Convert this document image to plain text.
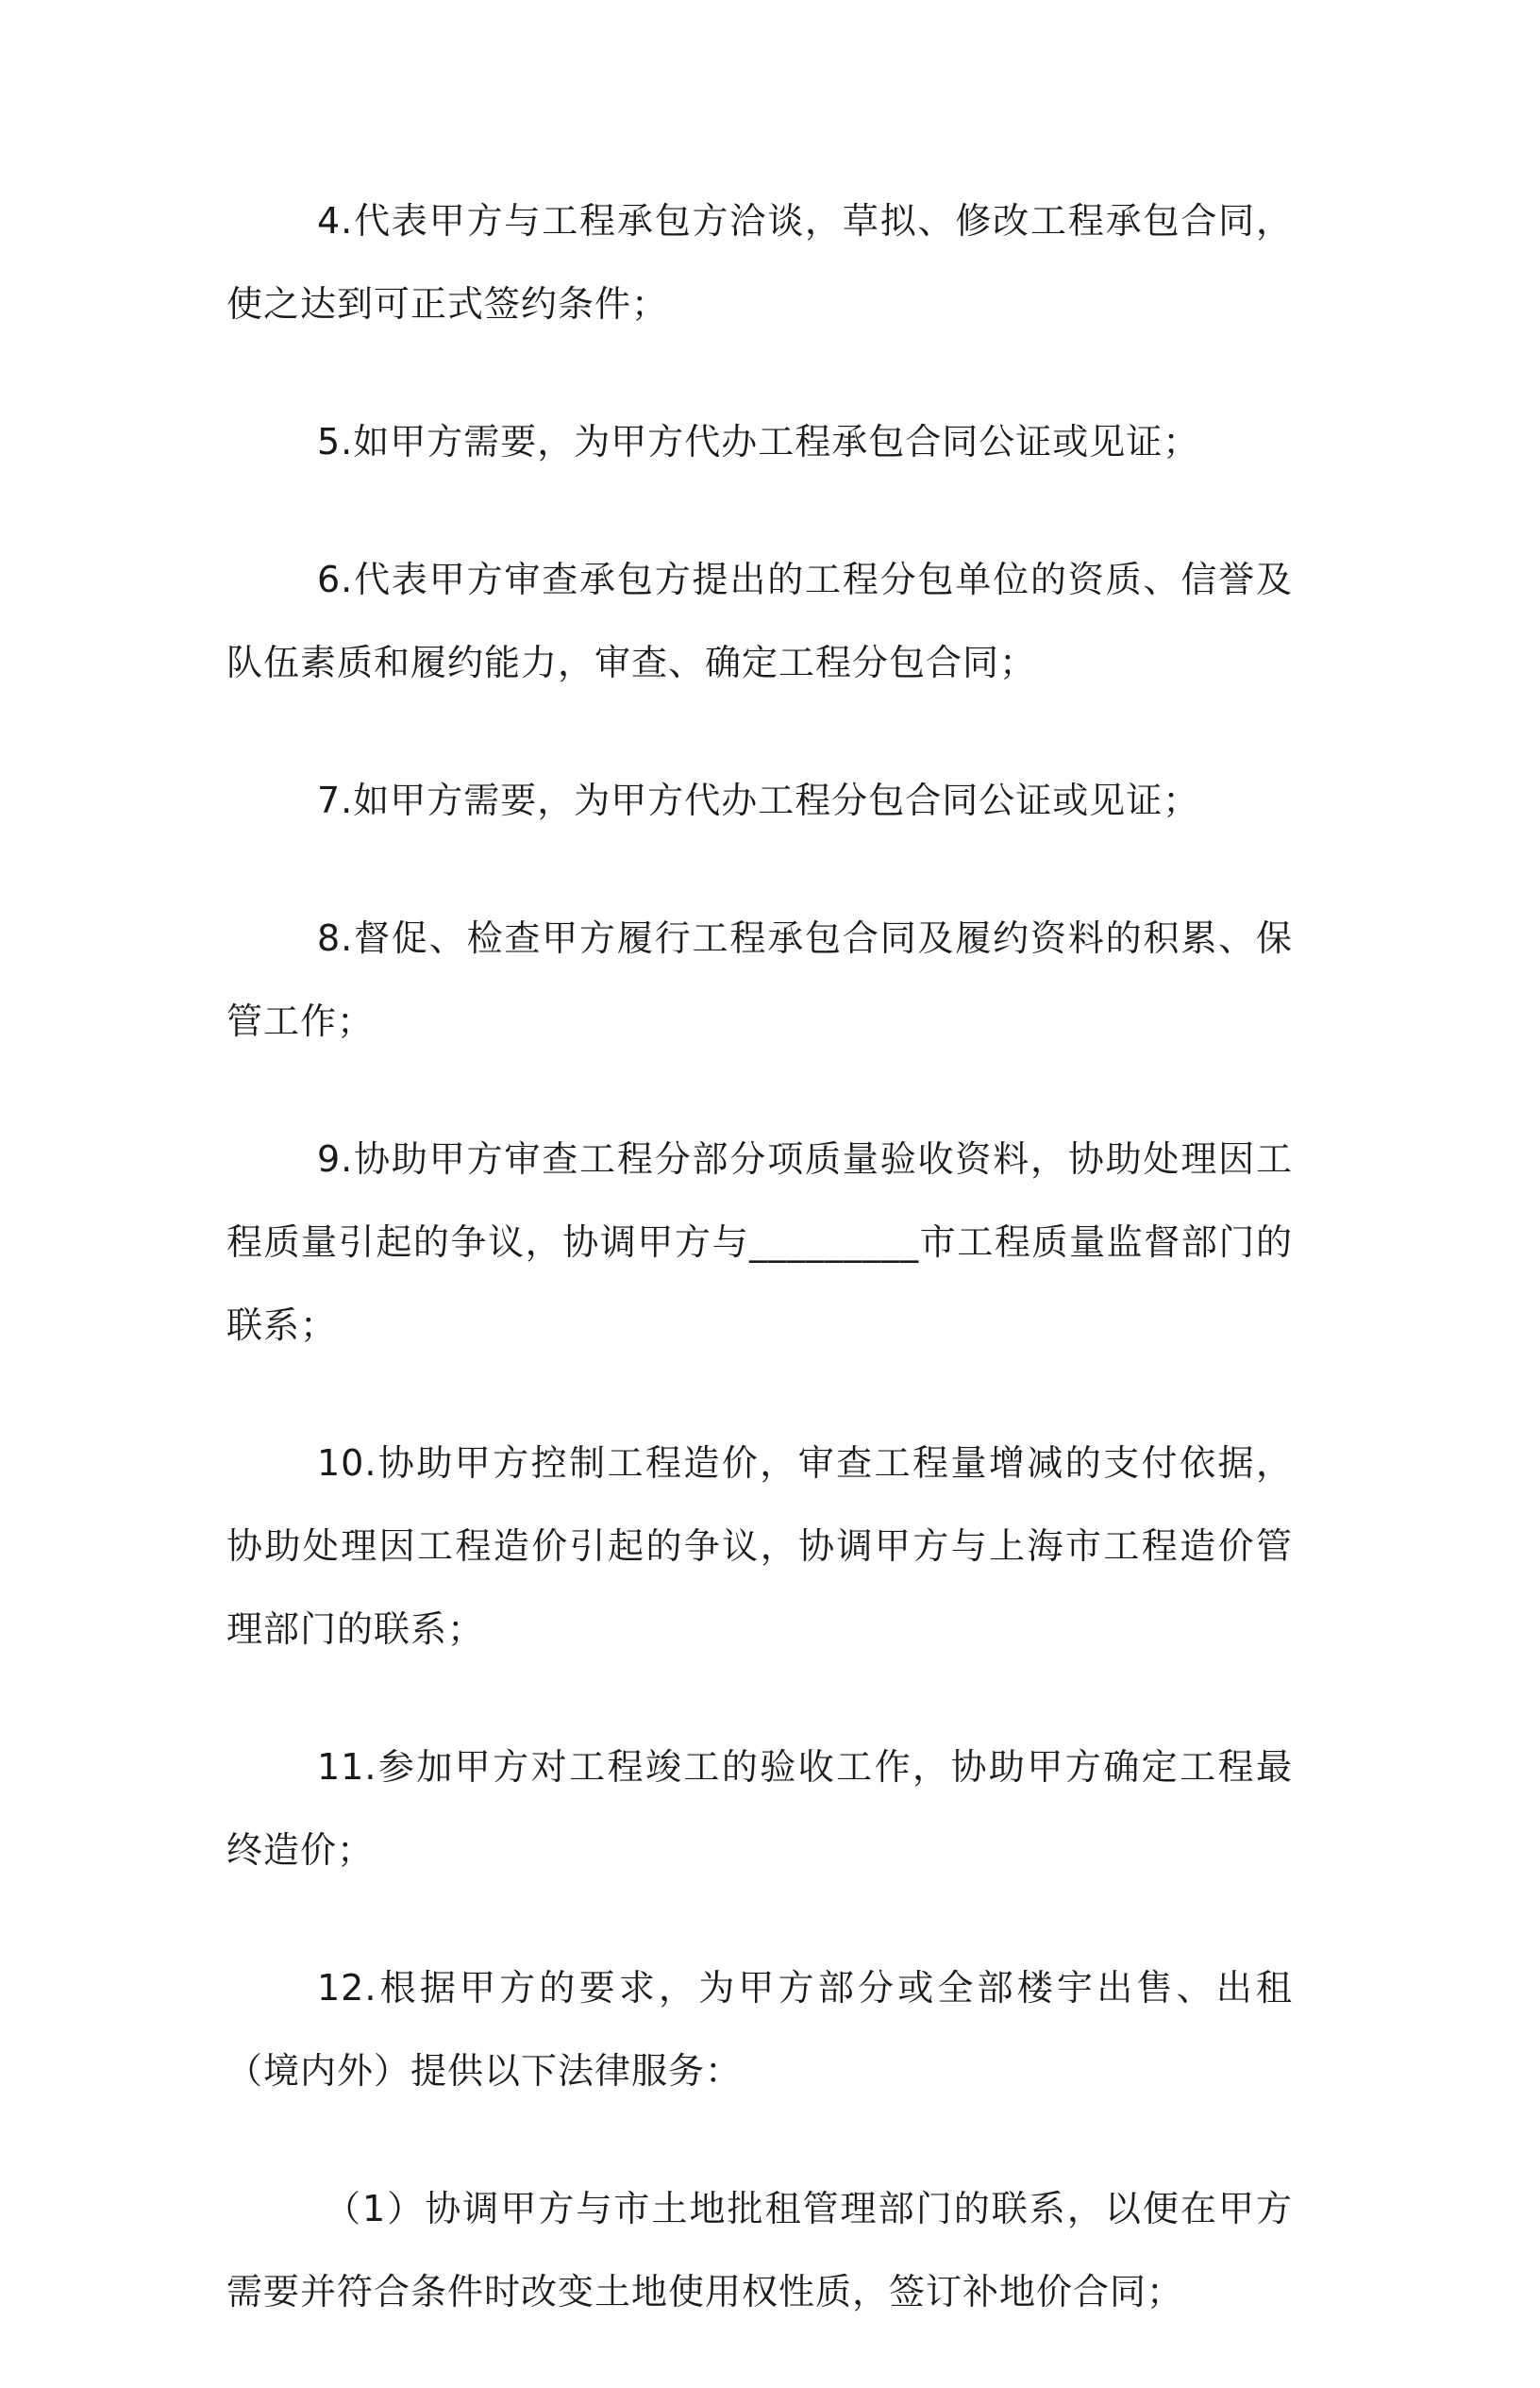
4.代表甲方与工程承包方洽谈，草拟、修改工程承包合同，使之达到可正式签约条件；

5.如甲方需要，为甲方代办工程承包合同公证或见证；

6.代表甲方审查承包方提出的工程分包单位的资质、信誉及队伍素质和履约能力，审查、确定工程分包合同；

7.如甲方需要，为甲方代办工程分包合同公证或见证；

8.督促、检查甲方履行工程承包合同及履约资料的积累、保管工作；

9.协助甲方审查工程分部分项质量验收资料，协助处理因工程质量引起的争议，协调甲方与_________市工程质量监督部门的联系；

10.协助甲方控制工程造价，审查工程量增减的支付依据，协助处理因工程造价引起的争议，协调甲方与上海市工程造价管理部门的联系；

11.参加甲方对工程竣工的验收工作，协助甲方确定工程最终造价；

12.根据甲方的要求，为甲方部分或全部楼宇出售、出租（境内外）提供以下法律服务：

（1）协调甲方与市土地批租管理部门的联系，以便在甲方需要并符合条件时改变土地使用权性质，签订补地价合同；
